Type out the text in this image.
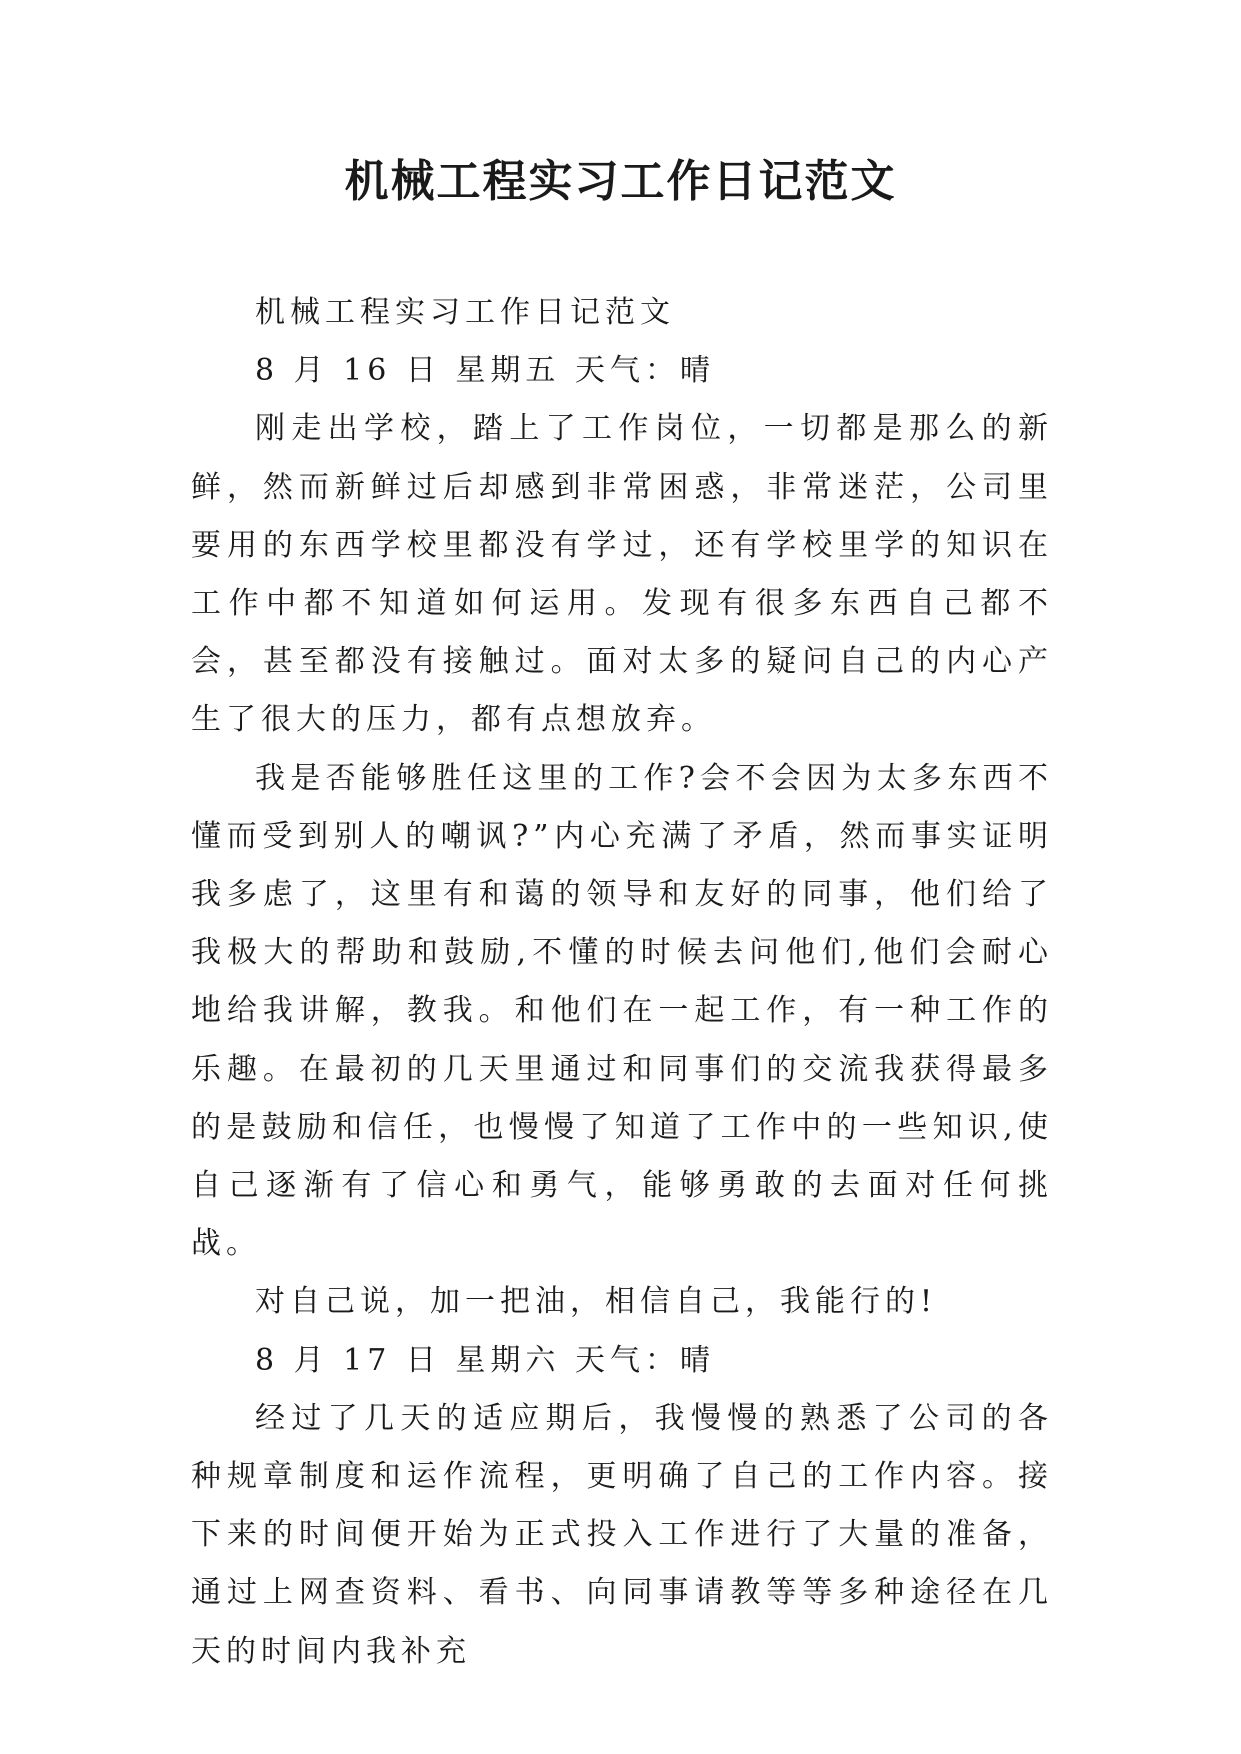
机械工程实习工作日记范文

机械工程实习工作日记范文

8 月 16 日 星期五 天气：晴

刚走出学校，踏上了工作岗位，一切都是那么的新鲜，然而新鲜过后却感到非常困惑，非常迷茫，公司里要用的东西学校里都没有学过，还有学校里学的知识在工作中都不知道如何运用。发现有很多东西自己都不会，甚至都没有接触过。面对太多的疑问自己的内心产生了很大的压力，都有点想放弃。

我是否能够胜任这里的工作?会不会因为太多东西不懂而受到别人的嘲讽?”内心充满了矛盾，然而事实证明我多虑了，这里有和蔼的领导和友好的同事，他们给了我极大的帮助和鼓励,不懂的时候去问他们,他们会耐心地给我讲解，教我。和他们在一起工作，有一种工作的乐趣。在最初的几天里通过和同事们的交流我获得最多的是鼓励和信任，也慢慢了知道了工作中的一些知识,使自己逐渐有了信心和勇气，能够勇敢的去面对任何挑战。

对自己说，加一把油，相信自己，我能行的!

8 月 17 日 星期六 天气：晴

经过了几天的适应期后，我慢慢的熟悉了公司的各种规章制度和运作流程，更明确了自己的工作内容。接下来的时间便开始为正式投入工作进行了大量的准备，通过上网查资料、看书、向同事请教等等多种途径在几天的时间内我补充
